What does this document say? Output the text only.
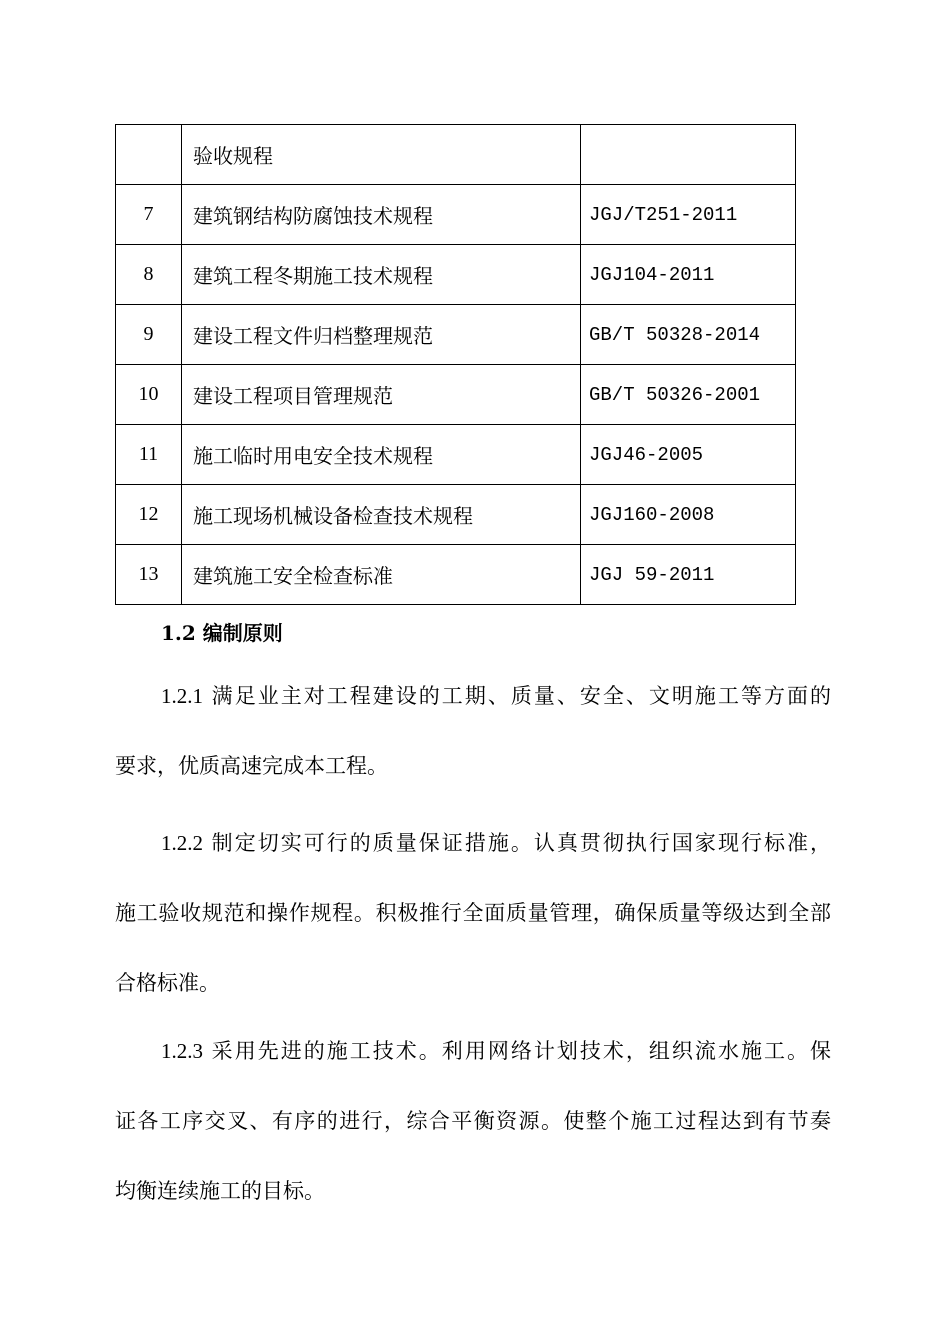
	验收规程	
7	建筑钢结构防腐蚀技术规程	JGJ/T251-2011
8	建筑工程冬期施工技术规程	JGJ104-2011
9	建设工程文件归档整理规范	GB/T 50328-2014
10	建设工程项目管理规范	GB/T 50326-2001
11	施工临时用电安全技术规程	JGJ46-2005
12	施工现场机械设备检查技术规程	JGJ160-2008
13	建筑施工安全检查标准	JGJ 59-2011
1.2 编制原则

1.2.1 满足业主对工程建设的工期、质量、安全、文明施工等方面的
要求，优质高速完成本工程。

1.2.2 制定切实可行的质量保证措施。认真贯彻执行国家现行标准，
施工验收规范和操作规程。积极推行全面质量管理，确保质量等级达到全部
合格标准。

1.2.3 采用先进的施工技术。利用网络计划技术，组织流水施工。保
证各工序交叉、有序的进行，综合平衡资源。使整个施工过程达到有节奏
均衡连续施工的目标。
